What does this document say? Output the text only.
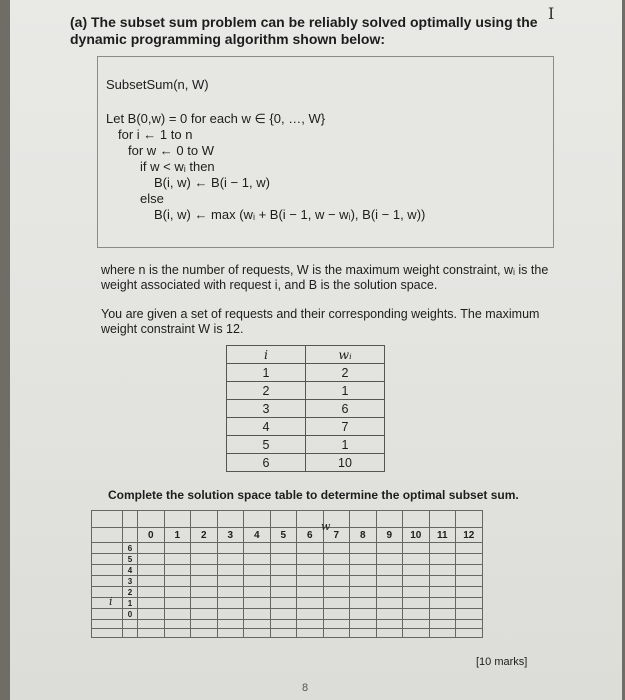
(a) The subset sum problem can be reliably solved optimally using the dynamic programming algorithm shown below:
I
SubsetSum(n, W)
Let B(0,w) = 0 for each w ∈ {0, …, W}
for i ← 1 to n
for w ← 0 to W
if w < wᵢ then
B(i, w) ← B(i − 1, w)
else
B(i, w) ← max (wᵢ + B(i − 1, w − wᵢ), B(i − 1, w))
where n is the number of requests, W is the maximum weight constraint, wᵢ is the weight associated with request i, and B is the solution space.
You are given a set of requests and their corresponding weights. The maximum weight constraint W is 12.
i	wᵢ
1	2
2	1
3	6
4	7
5	1
6	10
Complete the solution space table to determine the optimal subset sum.

		0	1	2	3	4	5	6	7	8	9	10	11	12
	6													
	5													
	4													
	3													
	2													
	1													
	0													

w
i
[10 marks]
8
